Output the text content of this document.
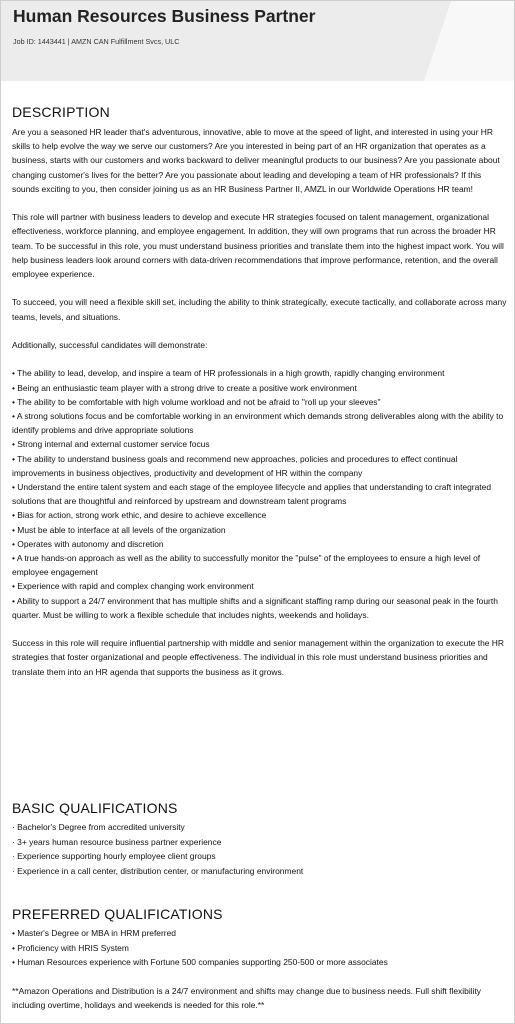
Human Resources Business Partner
Job ID: 1443441 | AMZN CAN Fulfillment Svcs, ULC
DESCRIPTION

Are you a seasoned HR leader that's adventurous, innovative, able to move at the speed of light, and interested in using your HR skills to help evolve the way we serve our customers? Are you interested in being part of an HR organization that operates as a business, starts with our customers and works backward to deliver meaningful products to our business? Are you passionate about changing customer's lives for the better? Are you passionate about leading and developing a team of HR professionals? If this sounds exciting to you, then consider joining us as an HR Business Partner II, AMZL in our Worldwide Operations HR team!

This role will partner with business leaders to develop and execute HR strategies focused on talent management, organizational effectiveness, workforce planning, and employee engagement. In addition, they will own programs that run across the broader HR team. To be successful in this role, you must understand business priorities and translate them into the highest impact work. You will help business leaders look around corners with data-driven recommendations that improve performance, retention, and the overall employee experience.

To succeed, you will need a flexible skill set, including the ability to think strategically, execute tactically, and collaborate across many teams, levels, and situations.

Additionally, successful candidates will demonstrate:

• The ability to lead, develop, and inspire a team of HR professionals in a high growth, rapidly changing environment
• Being an enthusiastic team player with a strong drive to create a positive work environment
• The ability to be comfortable with high volume workload and not be afraid to "roll up your sleeves"
• A strong solutions focus and be comfortable working in an environment which demands strong deliverables along with the ability to identify problems and drive appropriate solutions
• Strong internal and external customer service focus
• The ability to understand business goals and recommend new approaches, policies and procedures to effect continual improvements in business objectives, productivity and development of HR within the company
• Understand the entire talent system and each stage of the employee lifecycle and applies that understanding to craft integrated solutions that are thoughtful and reinforced by upstream and downstream talent programs
• Bias for action, strong work ethic, and desire to achieve excellence
• Must be able to interface at all levels of the organization
• Operates with autonomy and discretion
• A true hands-on approach as well as the ability to successfully monitor the "pulse" of the employees to ensure a high level of employee engagement
• Experience with rapid and complex changing work environment
• Ability to support a 24/7 environment that has multiple shifts and a significant staffing ramp during our seasonal peak in the fourth quarter. Must be willing to work a flexible schedule that includes nights, weekends and holidays.

Success in this role will require influential partnership with middle and senior management within the organization to execute the HR strategies that foster organizational and people effectiveness. The individual in this role must understand business priorities and translate them into an HR agenda that supports the business as it grows.

BASIC QUALIFICATIONS
· Bachelor's Degree from accredited university
· 3+ years human resource business partner experience
· Experience supporting hourly employee client groups
· Experience in a call center, distribution center, or manufacturing environment
PREFERRED QUALIFICATIONS
• Master's Degree or MBA in HRM preferred
• Proficiency with HRIS System
• Human Resources experience with Fortune 500 companies supporting 250-500 or more associates

**Amazon Operations and Distribution is a 24/7 environment and shifts may change due to business needs. Full shift flexibility including overtime, holidays and weekends is needed for this role.**
